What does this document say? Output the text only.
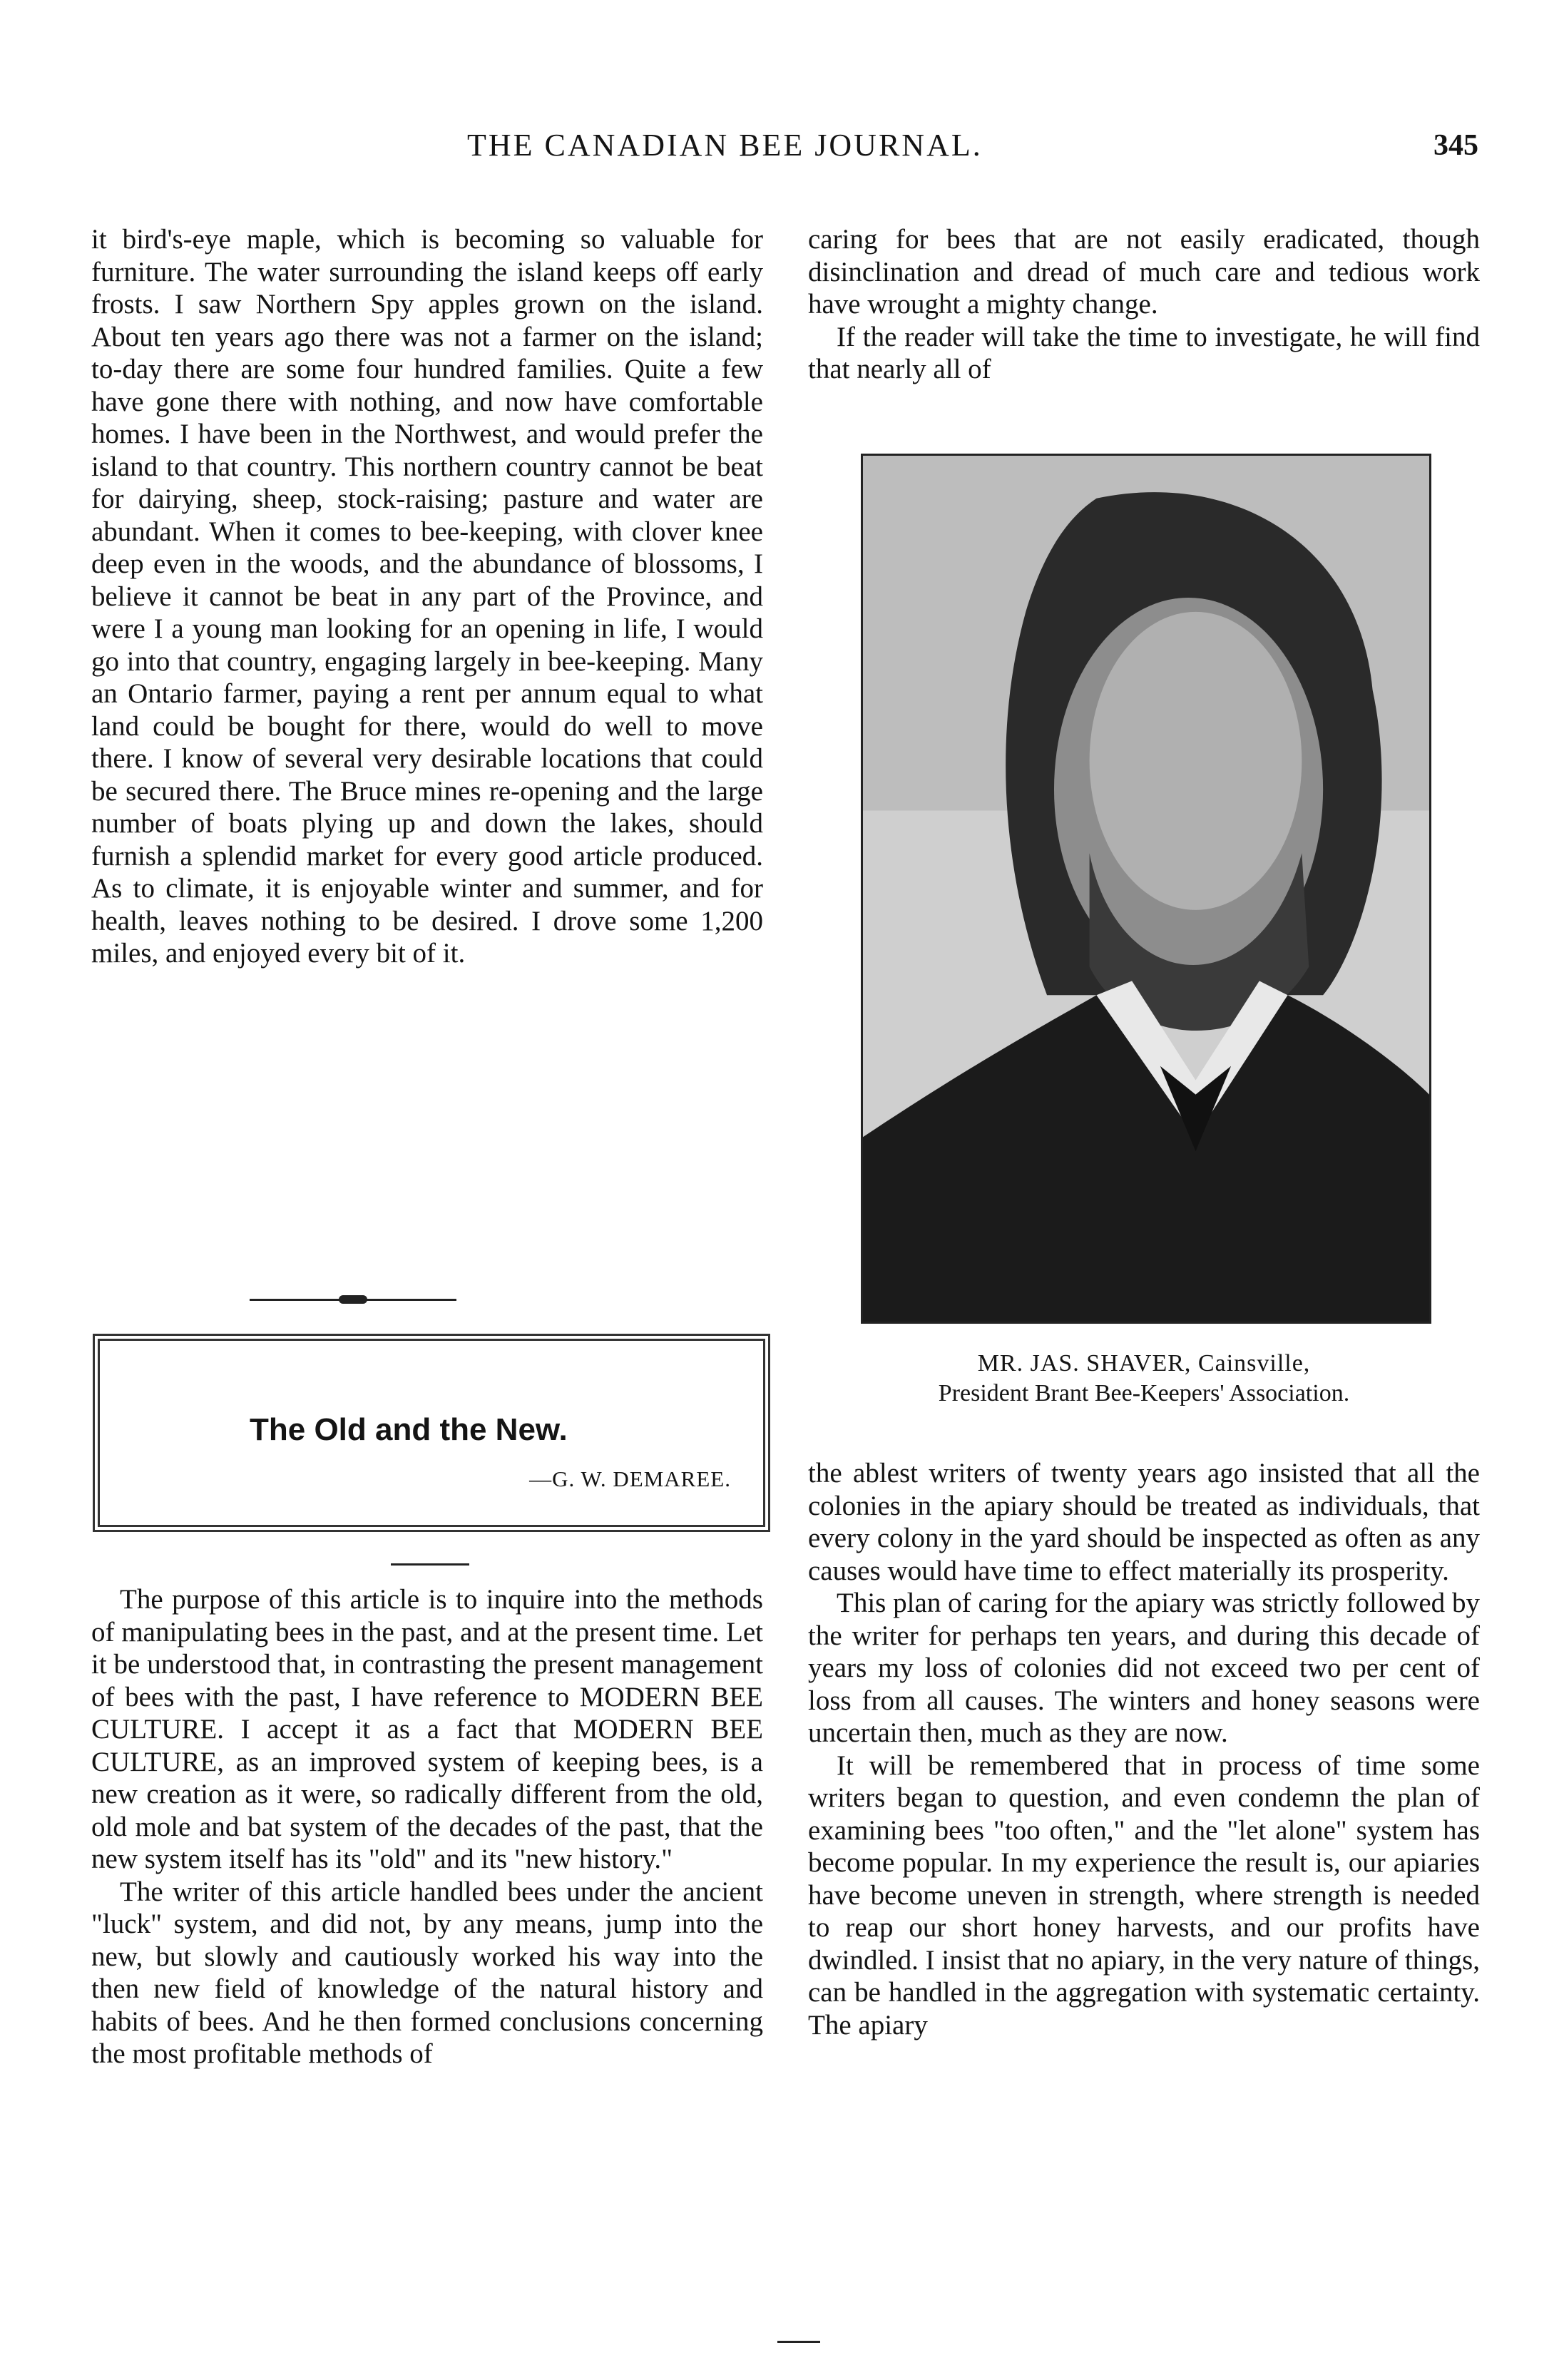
THE CANADIAN BEE JOURNAL.	345

it bird's-eye maple, which is becoming so valuable for furniture. The water surrounding the island keeps off early frosts. I saw Northern Spy apples grown on the island. About ten years ago there was not a farmer on the island; to-day there are some four hundred families. Quite a few have gone there with nothing, and now have comfortable homes. I have been in the Northwest, and would prefer the island to that country. This northern country cannot be beat for dairying, sheep, stock-raising; pasture and water are abundant. When it comes to bee-keeping, with clover knee deep even in the woods, and the abundance of blossoms, I believe it cannot be beat in any part of the Province, and were I a young man looking for an opening in life, I would go into that country, engaging largely in bee-keeping. Many an Ontario farmer, paying a rent per annum equal to what land could be bought for there, would do well to move there. I know of several very desirable locations that could be secured there. The Bruce mines re-opening and the large number of boats plying up and down the lakes, should furnish a splendid market for every good article produced. As to climate, it is enjoyable winter and summer, and for health, leaves nothing to be desired. I drove some 1,200 miles, and enjoyed every bit of it.

The Old and the New.
—G. W. DEMAREE.

The purpose of this article is to inquire into the methods of manipulating bees in the past, and at the present time. Let it be understood that, in contrasting the present management of bees with the past, I have reference to MODERN BEE CULTURE. I accept it as a fact that MODERN BEE CULTURE, as an improved system of keeping bees, is a new creation as it were, so radically different from the old, old mole and bat system of the decades of the past, that the new system itself has its "old" and its "new history."

The writer of this article handled bees under the ancient "luck" system, and did not, by any means, jump into the new, but slowly and cautiously worked his way into the then new field of knowledge of the natural history and habits of bees. And he then formed conclusions concerning the most profitable methods of

caring for bees that are not easily eradicated, though disinclination and dread of much care and tedious work have wrought a mighty change.

If the reader will take the time to investigate, he will find that nearly all of

MR. JAS. SHAVER, Cainsville,
President Brant Bee-Keepers' Association.

the ablest writers of twenty years ago insisted that all the colonies in the apiary should be treated as individuals, that every colony in the yard should be inspected as often as any causes would have time to effect materially its prosperity.

This plan of caring for the apiary was strictly followed by the writer for perhaps ten years, and during this decade of years my loss of colonies did not exceed two per cent of loss from all causes. The winters and honey seasons were uncertain then, much as they are now.

It will be remembered that in process of time some writers began to question, and even condemn the plan of examining bees "too often," and the "let alone" system has become popular. In my experience the result is, our apiaries have become uneven in strength, where strength is needed to reap our short honey harvests, and our profits have dwindled. I insist that no apiary, in the very nature of things, can be handled in the aggregation with systematic certainty. The apiary
